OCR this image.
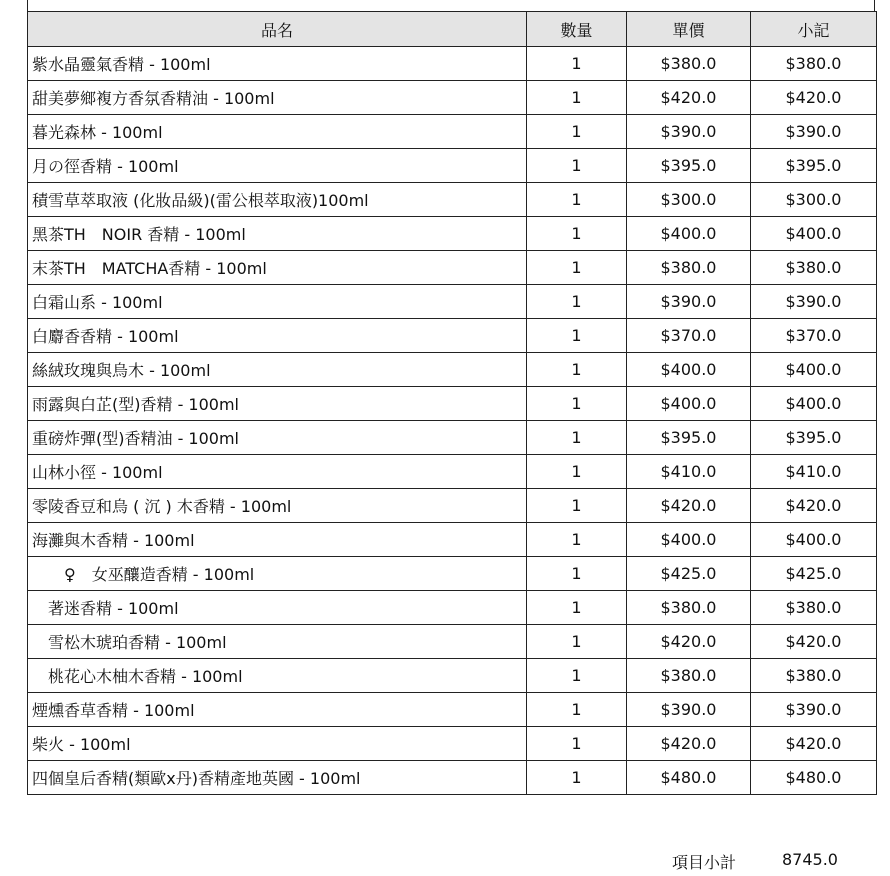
品名	數量	單價	小記
紫水晶靈氣香精 - 100ml	1	$380.0	$380.0
甜美夢鄉複方香氛香精油 - 100ml	1	$420.0	$420.0
暮光森林 - 100ml	1	$390.0	$390.0
月の徑香精 - 100ml	1	$395.0	$395.0
積雪草萃取液 (化妝品級)(雷公根萃取液)100ml	1	$300.0	$300.0
黑茶TH　NOIR 香精 - 100ml	1	$400.0	$400.0
末茶TH　MATCHA香精 - 100ml	1	$380.0	$380.0
白霜山系 - 100ml	1	$390.0	$390.0
白麝香香精 - 100ml	1	$370.0	$370.0
絲絨玫瑰與烏木 - 100ml	1	$400.0	$400.0
雨露與白芷(型)香精 - 100ml	1	$400.0	$400.0
重磅炸彈(型)香精油 - 100ml	1	$395.0	$395.0
山林小徑 - 100ml	1	$410.0	$410.0
零陵香豆和烏 ( 沉 ) 木香精 - 100ml	1	$420.0	$420.0
海灘與木香精 - 100ml	1	$400.0	$400.0
　　♀　女巫釀造香精 - 100ml	1	$425.0	$425.0
　著迷香精 - 100ml	1	$380.0	$380.0
　雪松木琥珀香精 - 100ml	1	$420.0	$420.0
　桃花心木柚木香精 - 100ml	1	$380.0	$380.0
煙燻香草香精 - 100ml	1	$390.0	$390.0
柴火 - 100ml	1	$420.0	$420.0
四個皇后香精(類歐x丹)香精產地英國 - 100ml	1	$480.0	$480.0
項目小計	8745.0
